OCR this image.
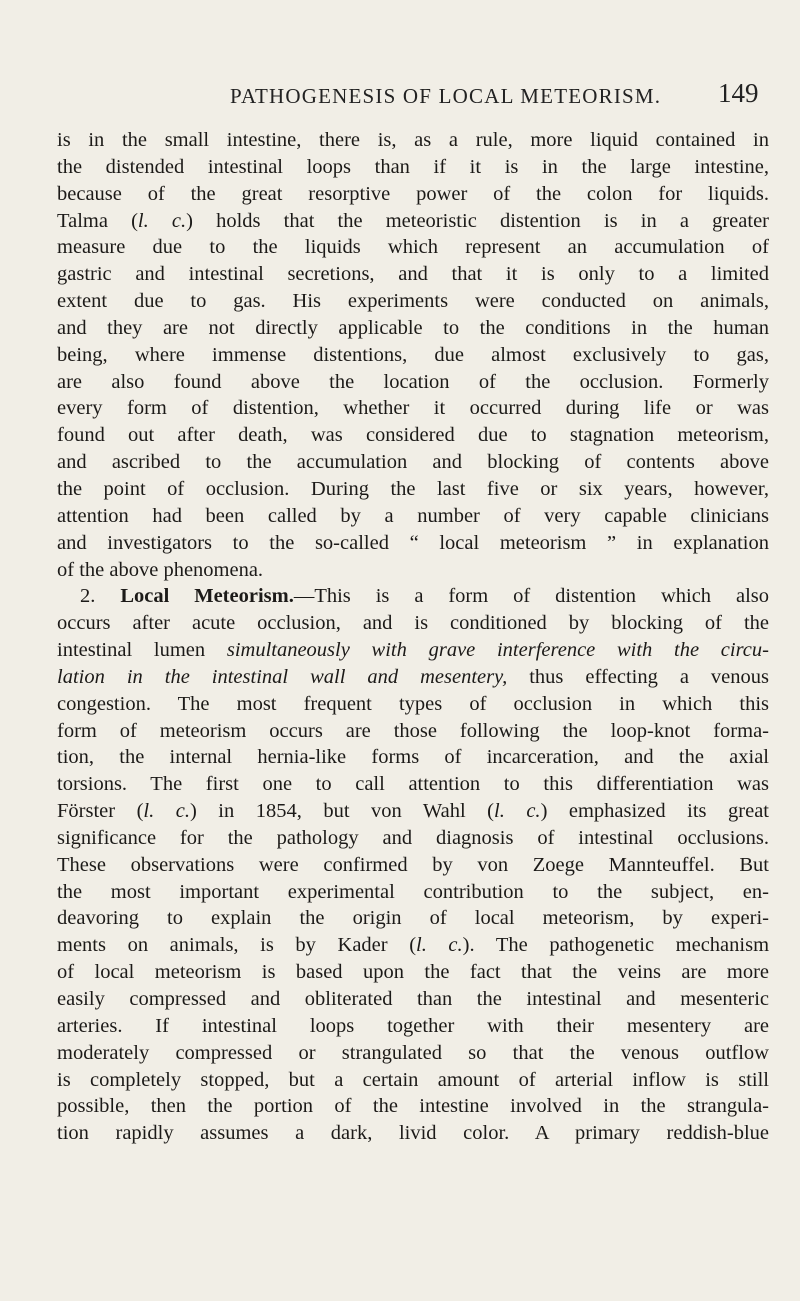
PATHOGENESIS OF LOCAL METEORISM. 149
is in the small intestine, there is, as a rule, more liquid contained in
the distended intestinal loops than if it is in the large intestine,
because of the great resorptive power of the colon for liquids.
Talma (l. c.) holds that the meteoristic distention is in a greater
measure due to the liquids which represent an accumulation of
gastric and intestinal secretions, and that it is only to a limited
extent due to gas. His experiments were conducted on animals,
and they are not directly applicable to the conditions in the human
being, where immense distentions, due almost exclusively to gas,
are also found above the location of the occlusion. Formerly
every form of distention, whether it occurred during life or was
found out after death, was considered due to stagnation meteorism,
and ascribed to the accumulation and blocking of contents above
the point of occlusion. During the last five or six years, however,
attention had been called by a number of very capable clinicians
and investigators to the so-called “ local meteorism ” in explanation
of the above phenomena.
2. Local Meteorism.—This is a form of distention which also
occurs after acute occlusion, and is conditioned by blocking of the
intestinal lumen simultaneously with grave interference with the circu-
lation in the intestinal wall and mesentery, thus effecting a venous
congestion. The most frequent types of occlusion in which this
form of meteorism occurs are those following the loop-knot forma-
tion, the internal hernia-like forms of incarceration, and the axial
torsions. The first one to call attention to this differentiation was
Förster (l. c.) in 1854, but von Wahl (l. c.) emphasized its great
significance for the pathology and diagnosis of intestinal occlusions.
These observations were confirmed by von Zoege Mannteuffel. But
the most important experimental contribution to the subject, en-
deavoring to explain the origin of local meteorism, by experi-
ments on animals, is by Kader (l. c.). The pathogenetic mechanism
of local meteorism is based upon the fact that the veins are more
easily compressed and obliterated than the intestinal and mesenteric
arteries. If intestinal loops together with their mesentery are
moderately compressed or strangulated so that the venous outflow
is completely stopped, but a certain amount of arterial inflow is still
possible, then the portion of the intestine involved in the strangula-
tion rapidly assumes a dark, livid color. A primary reddish-blue
